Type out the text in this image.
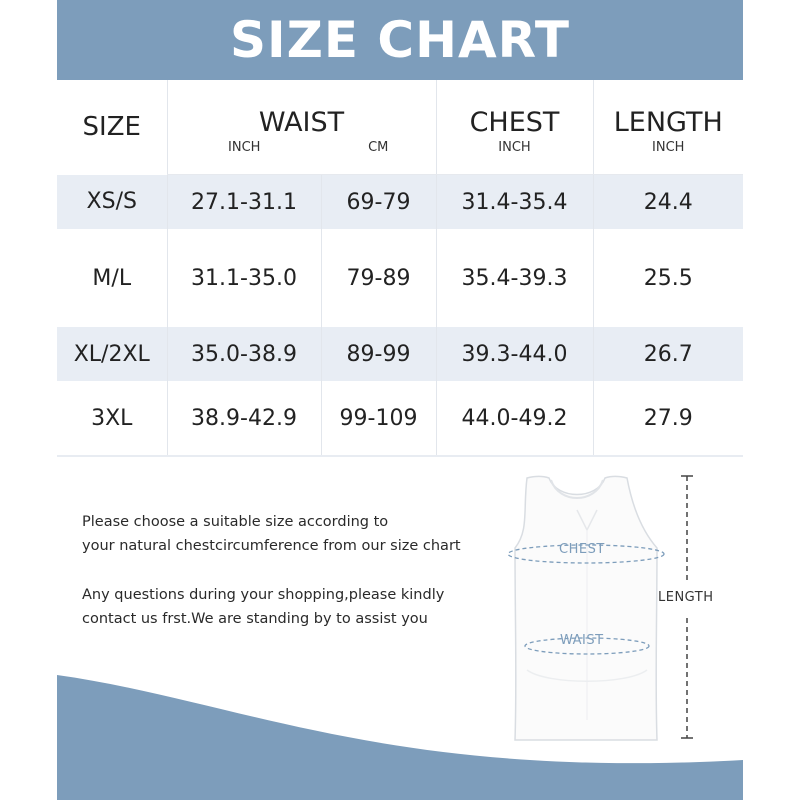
SIZE CHART
SIZE	WAIST		CHEST	LENGTH
	INCH	CM	INCH	INCH
XS/S	27.1-31.1	69-79	31.4-35.4	24.4
M/L	31.1-35.0	79-89	35.4-39.3	25.5
XL/2XL	35.0-38.9	89-99	39.3-44.0	26.7
3XL	38.9-42.9	99-109	44.0-49.2	27.9

Please choose a suitable size according to
your natural chestcircumference from our size chart

Any questions during your shopping,please kindly
contact us frst.We are standing by to assist you

CHEST
WAIST
LENGTH
